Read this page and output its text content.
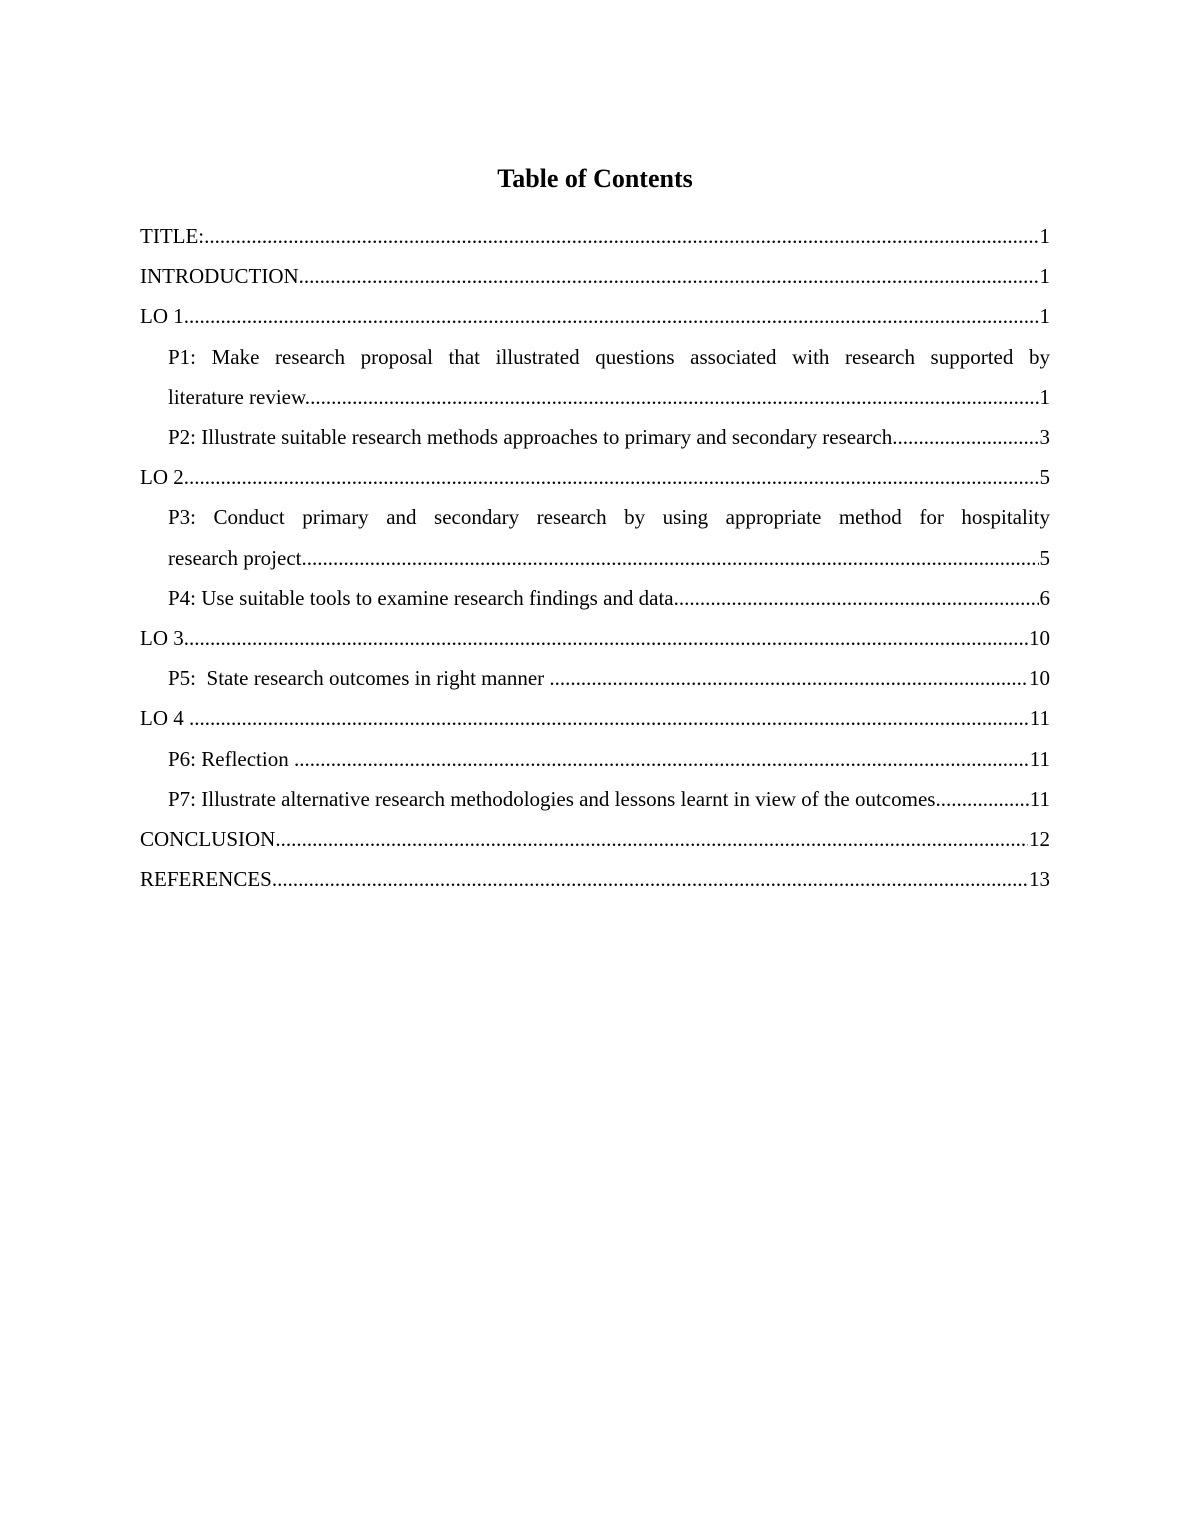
Table of Contents
TITLE: .....	1
INTRODUCTION .....	1
LO 1 .....	1
P1: Make research proposal that illustrated questions associated with research supported by
literature review. .....	1
P2: Illustrate suitable research methods approaches to primary and secondary research .....	3
LO 2 .....	5
P3: Conduct primary and secondary research by using appropriate method for hospitality
research project .....	5
P4: Use suitable tools to examine research findings and data .....	6
LO 3 .....	10
P5:  State research outcomes in right manner .....	10
LO 4 .....	11
P6: Reflection .....	11
P7: Illustrate alternative research methodologies and lessons learnt in view of the outcomes. .....	11
CONCLUSION .....	12
REFERENCES .....	13
